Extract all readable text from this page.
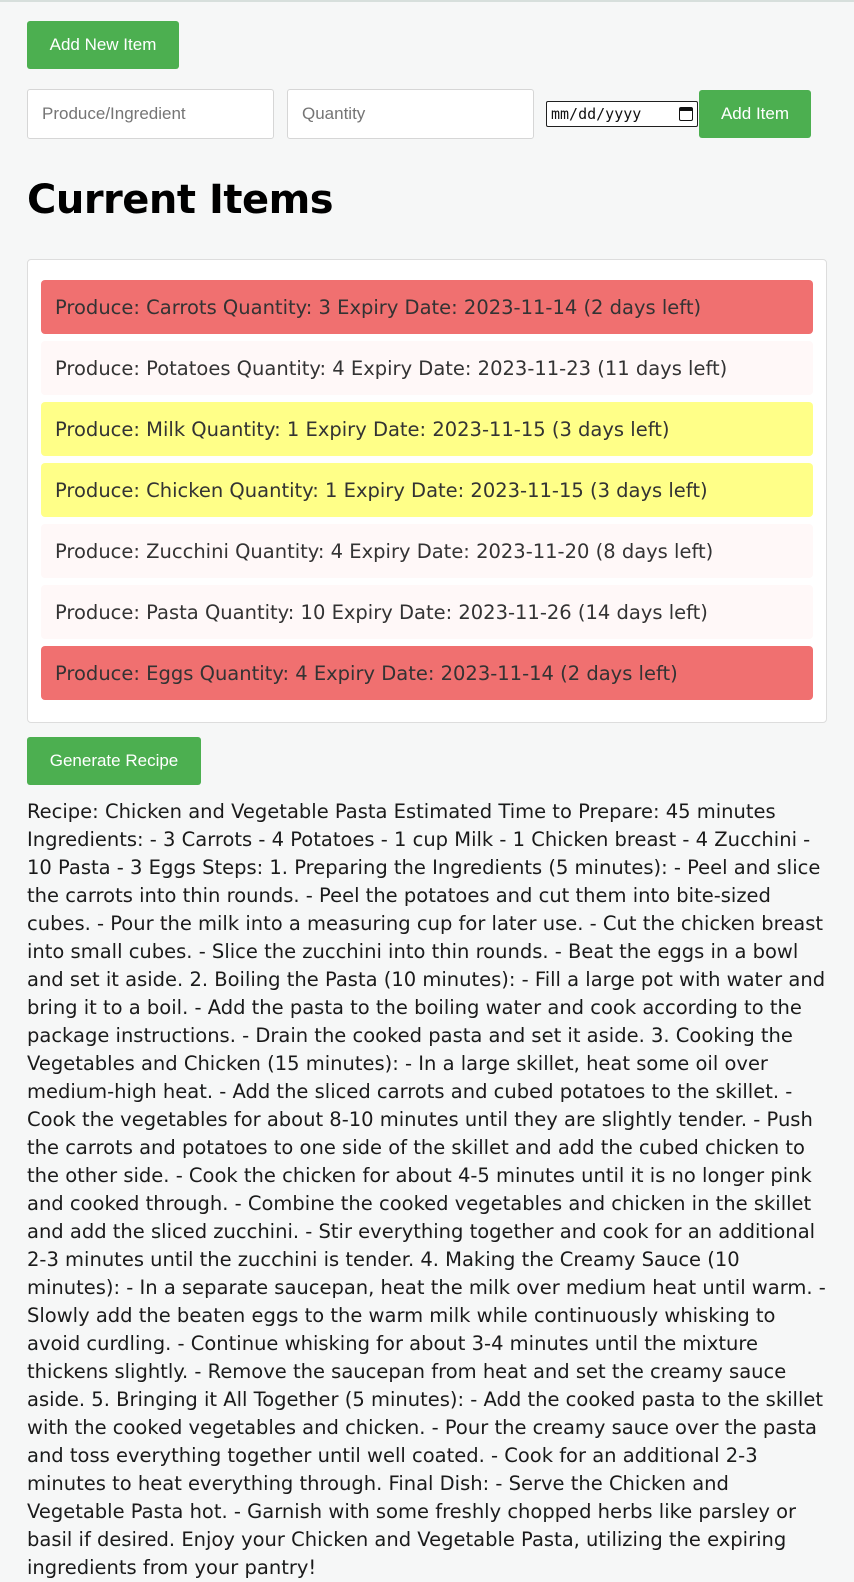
Add New Item
Produce/Ingredient
Quantity
mm/dd/yyyy	Add Item
Current Items
Produce: Carrots Quantity: 3 Expiry Date: 2023-11-14 (2 days left)
Produce: Potatoes Quantity: 4 Expiry Date: 2023-11-23 (11 days left)
Produce: Milk Quantity: 1 Expiry Date: 2023-11-15 (3 days left)
Produce: Chicken Quantity: 1 Expiry Date: 2023-11-15 (3 days left)
Produce: Zucchini Quantity: 4 Expiry Date: 2023-11-20 (8 days left)
Produce: Pasta Quantity: 10 Expiry Date: 2023-11-26 (14 days left)
Produce: Eggs Quantity: 4 Expiry Date: 2023-11-14 (2 days left)
Generate Recipe

Recipe: Chicken and Vegetable Pasta Estimated Time to Prepare: 45 minutes Ingredients: - 3 Carrots - 4 Potatoes - 1 cup Milk - 1 Chicken breast - 4 Zucchini - 10 Pasta - 3 Eggs Steps: 1. Preparing the Ingredients (5 minutes): - Peel and slice the carrots into thin rounds. - Peel the potatoes and cut them into bite-sized cubes. - Pour the milk into a measuring cup for later use. - Cut the chicken breast into small cubes. - Slice the zucchini into thin rounds. - Beat the eggs in a bowl and set it aside. 2. Boiling the Pasta (10 minutes): - Fill a large pot with water and bring it to a boil. - Add the pasta to the boiling water and cook according to the package instructions. - Drain the cooked pasta and set it aside. 3. Cooking the Vegetables and Chicken (15 minutes): - In a large skillet, heat some oil over medium-high heat. - Add the sliced carrots and cubed potatoes to the skillet. - Cook the vegetables for about 8-10 minutes until they are slightly tender. - Push the carrots and potatoes to one side of the skillet and add the cubed chicken to the other side. - Cook the chicken for about 4-5 minutes until it is no longer pink and cooked through. - Combine the cooked vegetables and chicken in the skillet and add the sliced zucchini. - Stir everything together and cook for an additional 2-3 minutes until the zucchini is tender. 4. Making the Creamy Sauce (10 minutes): - In a separate saucepan, heat the milk over medium heat until warm. - Slowly add the beaten eggs to the warm milk while continuously whisking to avoid curdling. - Continue whisking for about 3-4 minutes until the mixture thickens slightly. - Remove the saucepan from heat and set the creamy sauce aside. 5. Bringing it All Together (5 minutes): - Add the cooked pasta to the skillet with the cooked vegetables and chicken. - Pour the creamy sauce over the pasta and toss everything together until well coated. - Cook for an additional 2-3 minutes to heat everything through. Final Dish: - Serve the Chicken and Vegetable Pasta hot. - Garnish with some freshly chopped herbs like parsley or basil if desired. Enjoy your Chicken and Vegetable Pasta, utilizing the expiring ingredients from your pantry!
